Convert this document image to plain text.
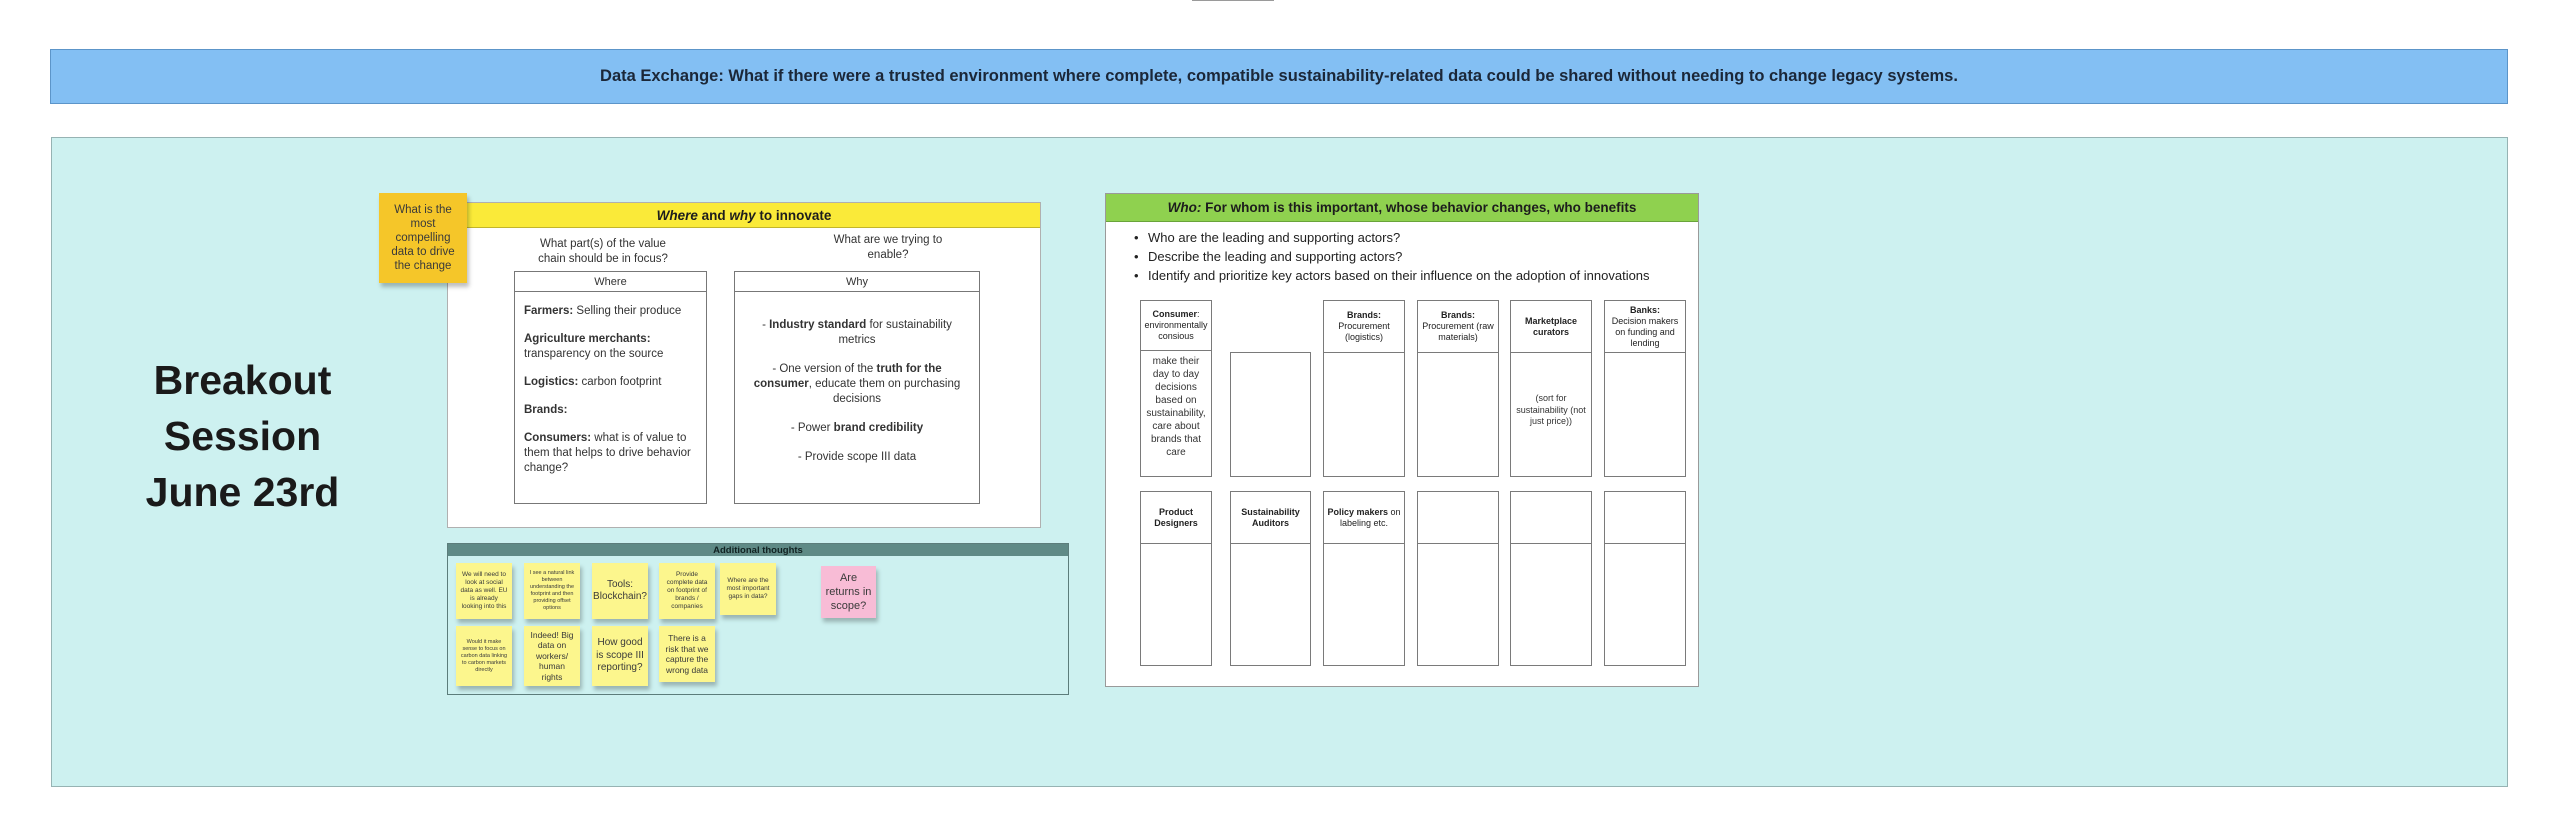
Data Exchange: What if there were a trusted environment where complete, compatible sustainability-related data could be shared without needing to change legacy systems.
Breakout
Session
June 23rd
Where and why to innovate
What part(s) of the value chain should be in focus?
What are we trying to enable?
Where

Farmers: Selling their produce

Agriculture merchants: transparency on the source

Logistics: carbon footprint

Brands:

Consumers: what is of value to them that helps to drive behavior change?

Why

- Industry standard for sustainability metrics

- One version of the truth for the consumer, educate them on purchasing decisions

- Power brand credibility

- Provide scope III data

What is the most compelling data to drive the change
Additional thoughts
We will need to look at social data as well. EU is already looking into this
I see a natural link between understanding the footprint and then providing offset options
Tools: Blockchain?
Provide complete data on footprint of brands / companies
Where are the most important gaps in data?
Would it make sense to focus on carbon data linking to carbon markets directly
Indeed! Big data on workers/ human rights
How good is scope III reporting?
There is a risk that we capture the wrong data
Are returns in scope?
Who: For whom is this important, whose behavior changes, who benefits
• Who are the leading and supporting actors?
• Describe the leading and supporting actors?
• Identify and prioritize key actors based on their influence on the adoption of innovations
Consumer: environmentally consious
make their day to day decisions based on sustainability, care about brands that care
Brands:
Procurement (logistics)
Brands:
Procurement (raw materials)
Marketplace curators
(sort for sustainability (not just price))
Banks:
Decision makers on funding and lending
Product Designers
Sustainability Auditors
Policy makers on labeling etc.
